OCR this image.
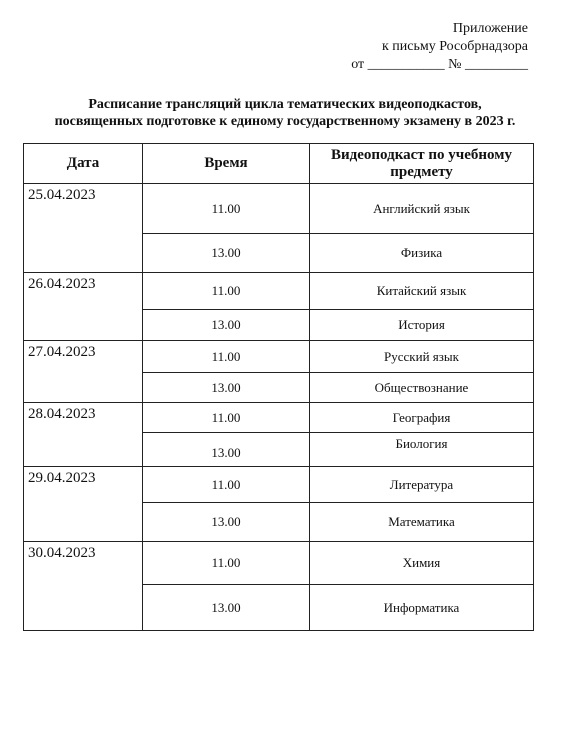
Приложение
к письму Рособрнадзора
от ___________ № _________
Расписание трансляций цикла тематических видеоподкастов,
посвященных подготовке к единому государственному экзамену в 2023 г.
Дата	Время	Видеоподкаст по учебному предмету
25.04.2023	11.00	Английский язык
	13.00	Физика
26.04.2023	11.00	Китайский язык
	13.00	История
27.04.2023	11.00	Русский язык
	13.00	Обществознание
28.04.2023	11.00	География
	13.00	Биология
29.04.2023	11.00	Литература
	13.00	Математика
30.04.2023	11.00	Химия
	13.00	Информатика
